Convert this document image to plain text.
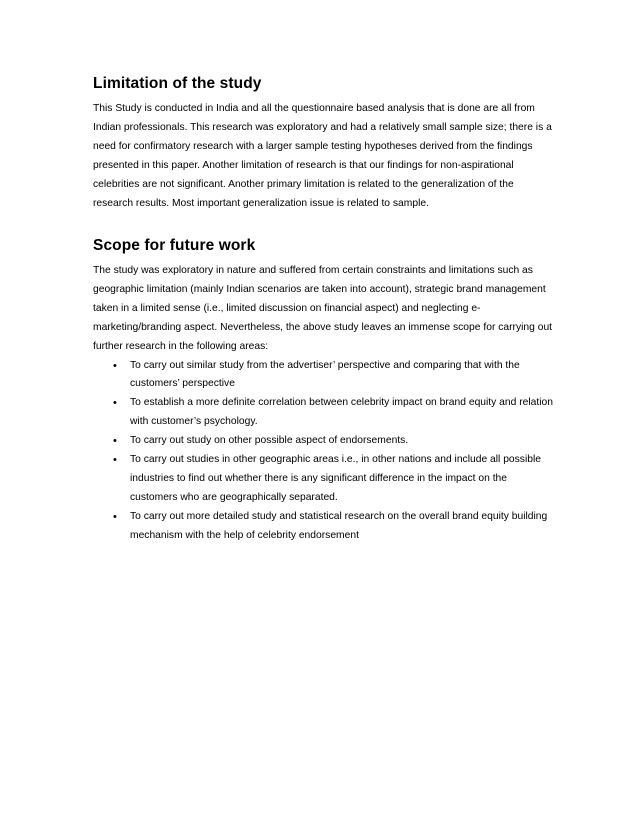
Limitation of the study

This Study is conducted in India and all the questionnaire based analysis that is done are all from Indian professionals. This research was exploratory and had a relatively small sample size; there is a need for confirmatory research with a larger sample testing hypotheses derived from the findings presented in this paper. Another limitation of research is that our findings for non-aspirational celebrities are not significant. Another primary limitation is related to the generalization of the research results. Most important generalization issue is related to sample.

Scope for future work

The study was exploratory in nature and suffered from certain constraints and limitations such as geographic limitation (mainly Indian scenarios are taken into account), strategic brand management taken in a limited sense (i.e., limited discussion on financial aspect) and neglecting e-marketing/branding aspect. Nevertheless, the above study leaves an immense scope for carrying out further research in the following areas:

• To carry out similar study from the advertiser’ perspective and comparing that with the customers’ perspective
• To establish a more definite correlation between celebrity impact on brand equity and relation with customer’s psychology.
• To carry out study on other possible aspect of endorsements.
• To carry out studies in other geographic areas i.e., in other nations and include all possible industries to find out whether there is any significant difference in the impact on the customers who are geographically separated.
• To carry out more detailed study and statistical research on the overall brand equity building mechanism with the help of celebrity endorsement
